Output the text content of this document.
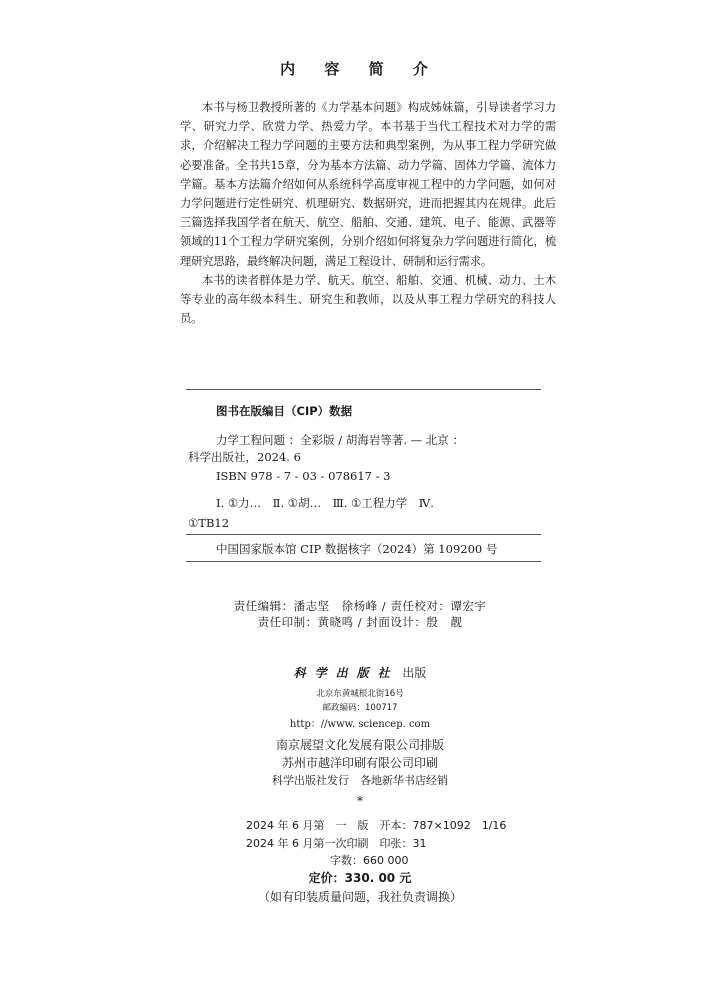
内 容 简 介

本书与杨卫教授所著的《力学基本问题》构成姊妹篇，引导读者学习力学、研究力学、欣赏力学、热爱力学。本书基于当代工程技术对力学的需求，介绍解决工程力学问题的主要方法和典型案例，为从事工程力学研究做必要准备。全书共15章，分为基本方法篇、动力学篇、固体力学篇、流体力学篇。基本方法篇介绍如何从系统科学高度审视工程中的力学问题，如何对力学问题进行定性研究、机理研究、数据研究，进而把握其内在规律。此后三篇选择我国学者在航天、航空、船舶、交通、建筑、电子、能源、武器等领域的11个工程力学研究案例，分别介绍如何将复杂力学问题进行简化，梳理研究思路，最终解决问题，满足工程设计、研制和运行需求。

本书的读者群体是力学、航天、航空、船舶、交通、机械、动力、土木等专业的高年级本科生、研究生和教师，以及从事工程力学研究的科技人员。

图书在版编目（CIP）数据
力学工程问题 ：全彩版 / 胡海岩等著. — 北京 ：
科学出版社，2024. 6
ISBN 978 - 7 - 03 - 078617 - 3
Ⅰ. ①力…　Ⅱ. ①胡…　Ⅲ. ①工程力学　Ⅳ.
①TB12
中国国家版本馆 CIP 数据核字（2024）第 109200 号
责任编辑：潘志坚　徐杨峰 / 责任校对：谭宏宇
责任印制：黄晓鸣 / 封面设计：殷　靓
科学出版社 出版
北京东黄城根北街16号
邮政编码：100717
http：//www. sciencep. com
南京展望文化发展有限公司排版
苏州市越洋印刷有限公司印刷
科学出版社发行　各地新华书店经销
*
2024 年 6 月第　一　版　开本：787×1092　1/16
2024 年 6 月第一次印刷　印张：31
字数：660 000
定价：330. 00 元
（如有印装质量问题，我社负责调换）
